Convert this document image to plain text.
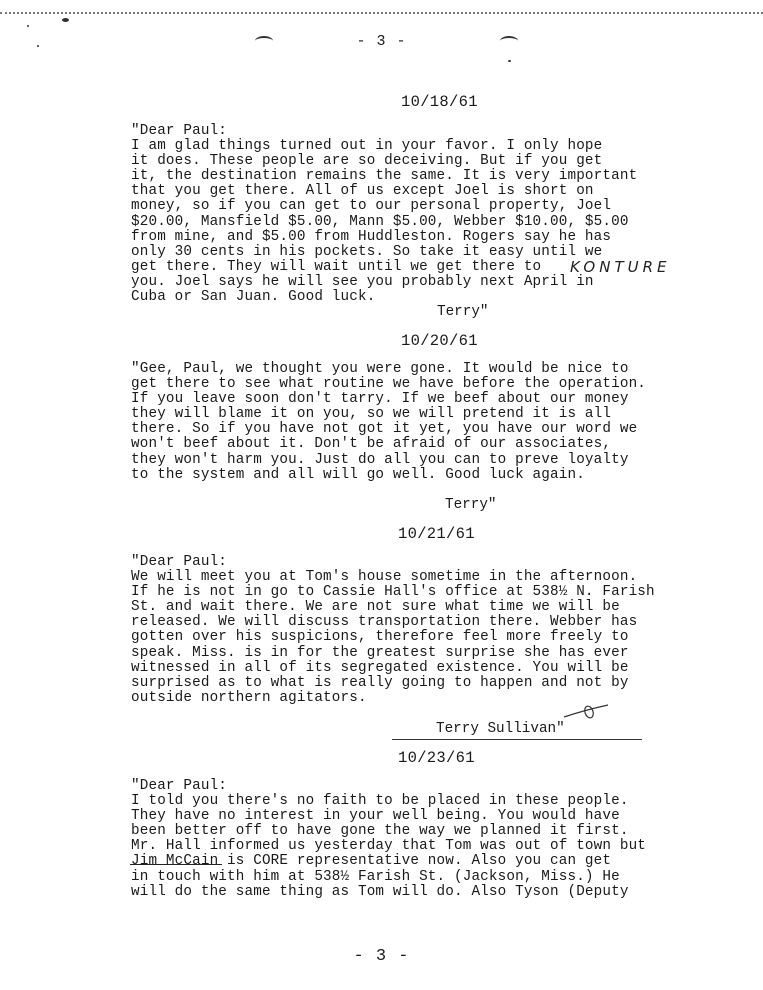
- 3 -
10/18/61
"Dear Paul:
I am glad things turned out in your favor. I only hope
it does. These people are so deceiving. But if you get
it, the destination remains the same. It is very important
that you get there. All of us except Joel is short on
money, so if you can get to our personal property, Joel
$20.00, Mansfield $5.00, Mann $5.00, Webber $10.00, $5.00
from mine, and $5.00 from Huddleston. Rogers say he has
only 30 cents in his pockets. So take it easy until we
get there. They will wait until we get there to
you. Joel says he will see you probably next April in
Cuba or San Juan. Good luck.
KONTURE
Terry"
10/20/61
"Gee, Paul, we thought you were gone. It would be nice to
get there to see what routine we have before the operation.
If you leave soon don't tarry. If we beef about our money
they will blame it on you, so we will pretend it is all
there. So if you have not got it yet, you have our word we
won't beef about it. Don't be afraid of our associates,
they won't harm you. Just do all you can to preve loyalty
to the system and all will go well. Good luck again.
Terry"
10/21/61
"Dear Paul:
We will meet you at Tom's house sometime in the afternoon.
If he is not in go to Cassie Hall's office at 538½ N. Farish
St. and wait there. We are not sure what time we will be
released. We will discuss transportation there. Webber has
gotten over his suspicions, therefore feel more freely to
speak. Miss. is in for the greatest surprise she has ever
witnessed in all of its segregated existence. You will be
surprised as to what is really going to happen and not by
outside northern agitators.
Terry Sullivan"
10/23/61
"Dear Paul:
I told you there's no faith to be placed in these people.
They have no interest in your well being. You would have
been better off to have gone the way we planned it first.
Mr. Hall informed us yesterday that Tom was out of town but
Jim McCain is CORE representative now. Also you can get
in touch with him at 538½ Farish St. (Jackson, Miss.) He
will do the same thing as Tom will do. Also Tyson (Deputy
- 3 -
